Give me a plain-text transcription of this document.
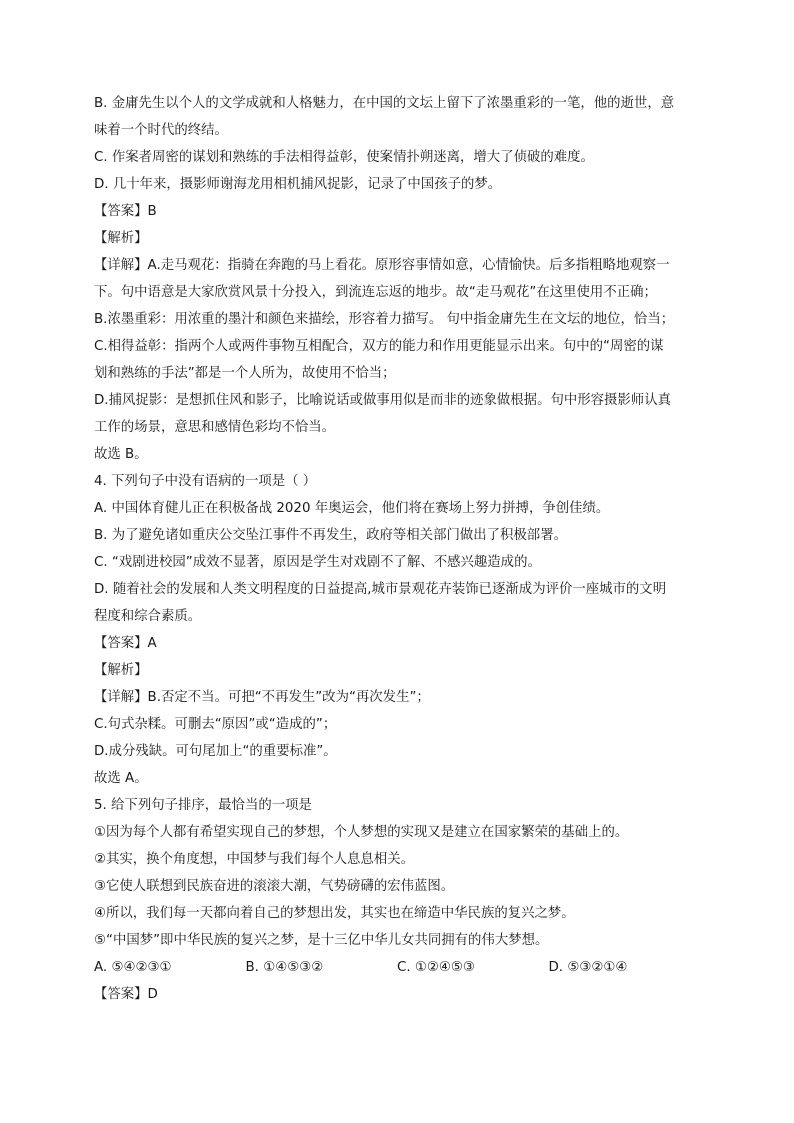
B. 金庸先生以个人的文学成就和人格魅力，在中国的文坛上留下了浓墨重彩的一笔，他的逝世，意
味着一个时代的终结。
C. 作案者周密的谋划和熟练的手法相得益彰，使案情扑朔迷离，增大了侦破的难度。
D. 几十年来，摄影师谢海龙用相机捕风捉影，记录了中国孩子的梦。
【答案】B
【解析】
【详解】A.走马观花：指骑在奔跑的马上看花。原形容事情如意，心情愉快。后多指粗略地观察一
下。句中语意是大家欣赏风景十分投入，到流连忘返的地步。故“走马观花”在这里使用不正确；
B.浓墨重彩：用浓重的墨汁和颜色来描绘，形容着力描写。 句中指金庸先生在文坛的地位，恰当；
C.相得益彰：指两个人或两件事物互相配合，双方的能力和作用更能显示出来。句中的“周密的谋
划和熟练的手法”都是一个人所为，故使用不恰当；
D.捕风捉影：是想抓住风和影子，比喻说话或做事用似是而非的迹象做根据。句中形容摄影师认真
工作的场景，意思和感情色彩均不恰当。
故选 B。
4. 下列句子中没有语病的一项是（ ）
A. 中国体育健儿正在积极备战 2020 年奥运会，他们将在赛场上努力拼搏，争创佳绩。
B. 为了避免诸如重庆公交坠江事件不再发生，政府等相关部门做出了积极部署。
C. “戏剧进校园”成效不显著，原因是学生对戏剧不了解、不感兴趣造成的。
D. 随着社会的发展和人类文明程度的日益提高,城市景观花卉装饰已逐渐成为评价一座城市的文明
程度和综合素质。
【答案】A
【解析】
【详解】B.否定不当。可把“不再发生”改为“再次发生”；
C.句式杂糅。可删去“原因”或“造成的”；
D.成分残缺。可句尾加上“的重要标准”。
故选 A。
5. 给下列句子排序，最恰当的一项是
①因为每个人都有希望实现自己的梦想，个人梦想的实现又是建立在国家繁荣的基础上的。
②其实，换个角度想，中国梦与我们每个人息息相关。
③它使人联想到民族奋进的滚滚大潮，气势磅礴的宏伟蓝图。
④所以，我们每一天都向着自己的梦想出发，其实也在缔造中华民族的复兴之梦。
⑤“中国梦”即中华民族的复兴之梦，是十三亿中华儿女共同拥有的伟大梦想。
A. ⑤④②③①	B. ①④⑤③②	C. ①②④⑤③	D. ⑤③②①④
【答案】D
